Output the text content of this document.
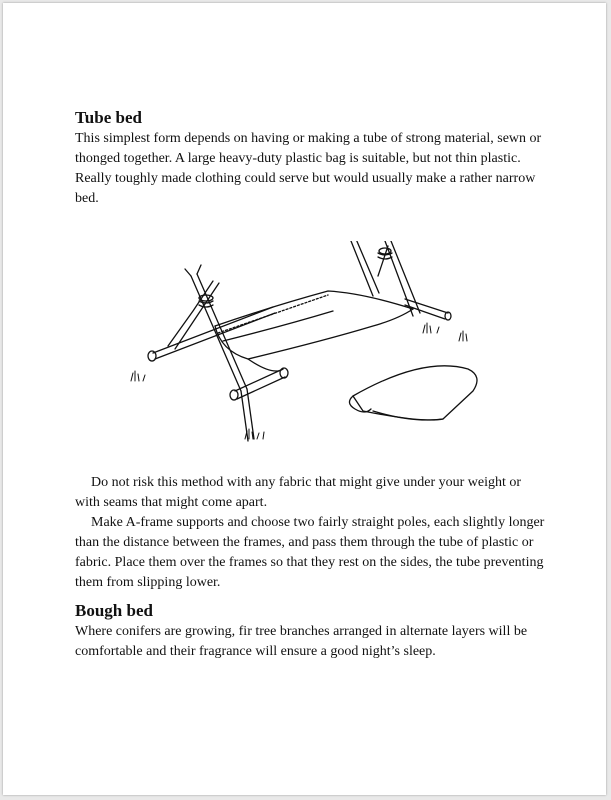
Tube bed

This simplest form depends on having or making a tube of strong material, sewn or thonged together. A large heavy-duty plastic bag is suitable, but not thin plastic. Really toughly made clothing could serve but would usually make a rather narrow bed.

Do not risk this method with any fabric that might give under your weight or with seams that might come apart.

Make A-frame supports and choose two fairly straight poles, each slightly longer than the distance between the frames, and pass them through the tube of plastic or fabric. Place them over the frames so that they rest on the sides, the tube preventing them from slipping lower.

Bough bed

Where conifers are growing, fir tree branches arranged in alternate layers will be comfortable and their fragrance will ensure a good night’s sleep.
